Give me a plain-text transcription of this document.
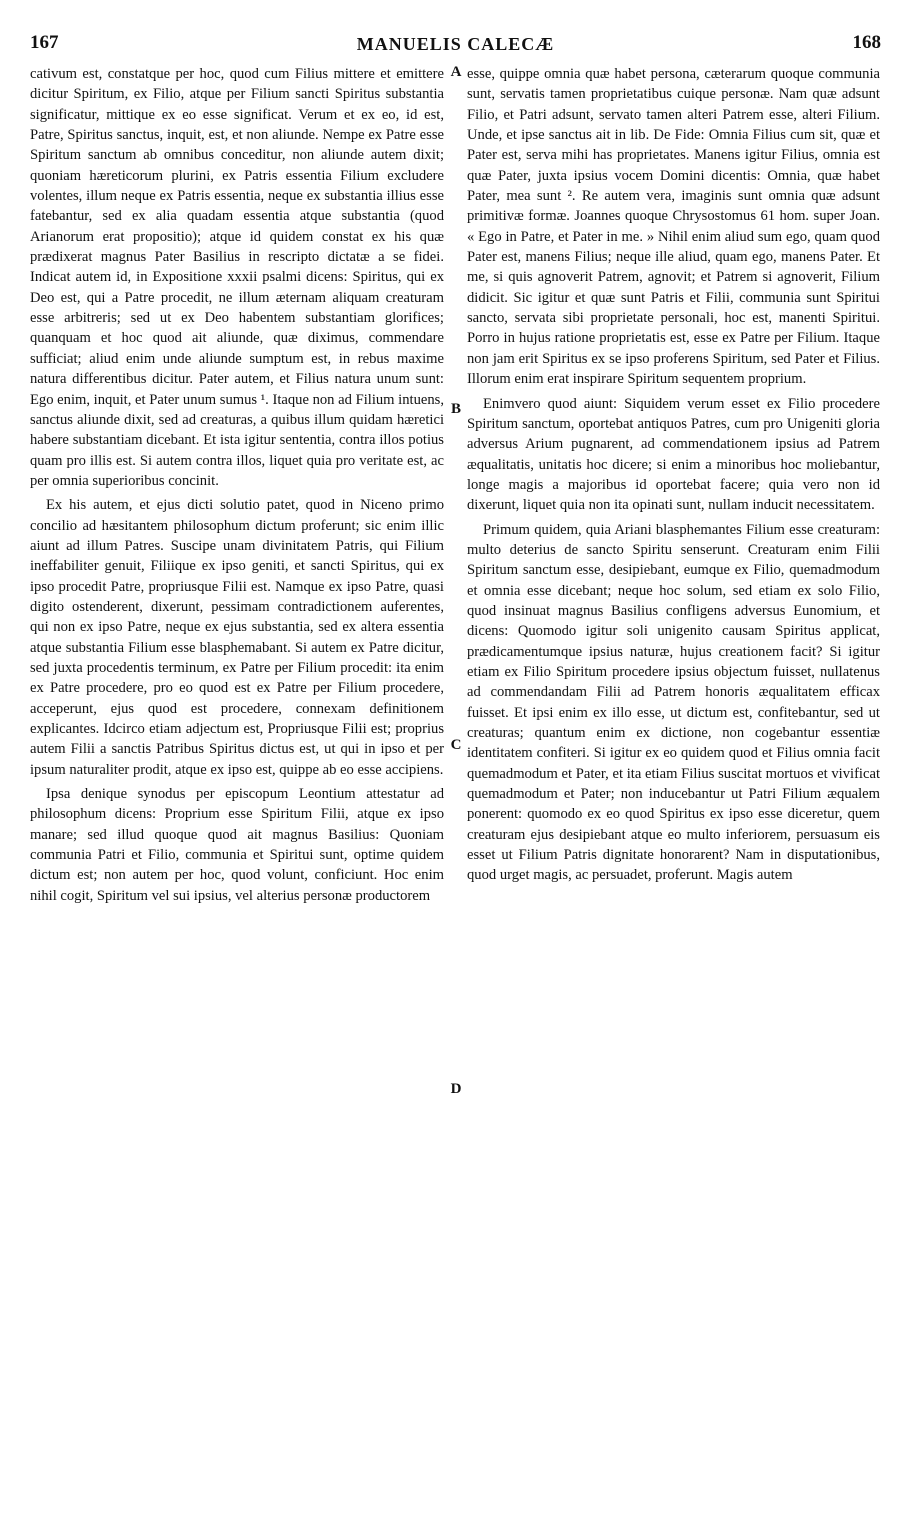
167	MANUELIS CALECÆ	168

cativum est, constatque per hoc, quod cum Filius mittere et emittere dicitur Spiritum, ex Filio, atque per Filium sancti Spiritus substantia significatur, mittique ex eo esse significat. Verum et ex eo, id est, Patre, Spiritus sanctus, inquit, est, et non aliunde. Nempe ex Patre esse Spiritum sanctum ab omnibus conceditur, non aliunde autem dixit; quoniam hæreticorum plurini, ex Patris essentia Filium excludere volentes, illum neque ex Patris essentia, neque ex substantia illius esse fatebantur, sed ex alia quadam essentia atque substantia (quod Arianorum erat propositio); atque id quidem constat ex his quæ prædixerat magnus Pater Basilius in rescripto dictatæ a se fidei. Indicat autem id, in Expositione xxxii psalmi dicens: Spiritus, qui ex Deo est, qui a Patre procedit, ne illum æternam aliquam creaturam esse arbitreris; sed ut ex Deo habentem substantiam glorifices; quanquam et hoc quod ait aliunde, quæ diximus, commendare sufficiat; aliud enim unde aliunde sumptum est, in rebus maxime natura differentibus dicitur. Pater autem, et Filius natura unum sunt: Ego enim, inquit, et Pater unum sumus ¹. Itaque non ad Filium intuens, sanctus aliunde dixit, sed ad creaturas, a quibus illum quidam hæretici habere substantiam dicebant. Et ista igitur sententia, contra illos potius quam pro illis est. Si autem contra illos, liquet quia pro veritate est, ac per omnia superioribus concinit.

Ex his autem, et ejus dicti solutio patet, quod in Niceno primo concilio ad hæsitantem philosophum dictum proferunt; sic enim illic aiunt ad illum Patres. Suscipe unam divinitatem Patris, qui Filium ineffabiliter genuit, Filiique ex ipso geniti, et sancti Spiritus, qui ex ipso procedit Patre, propriusque Filii est. Namque ex ipso Patre, quasi digito ostenderent, dixerunt, pessimam contradictionem auferentes, qui non ex ipso Patre, neque ex ejus substantia, sed ex altera essentia atque substantia Filium esse blasphemabant. Si autem ex Patre dicitur, sed juxta procedentis terminum, ex Patre per Filium procedit: ita enim ex Patre procedere, pro eo quod est ex Patre per Filium procedere, acceperunt, ejus quod est procedere, connexam definitionem explicantes. Idcirco etiam adjectum est, Propriusque Filii est; proprius autem Filii a sanctis Patribus Spiritus dictus est, ut qui in ipso et per ipsum naturaliter prodit, atque ex ipso est, quippe ab eo esse accipiens.

Ipsa denique synodus per episcopum Leontium attestatur ad philosophum dicens: Proprium esse Spiritum Filii, atque ex ipso manare; sed illud quoque quod ait magnus Basilius: Quoniam communia Patri et Filio, communia et Spiritui sunt, optime quidem dictum est; non autem per hoc, quod volunt, conficiunt. Hoc enim nihil cogit, Spiritum vel sui ipsius, vel alterius personæ productorem

A
B
C
D

esse, quippe omnia quæ habet persona, cæterarum quoque communia sunt, servatis tamen proprietatibus cuique personæ. Nam quæ adsunt Filio, et Patri adsunt, servato tamen alteri Patrem esse, alteri Filium. Unde, et ipse sanctus ait in lib. De Fide: Omnia Filius cum sit, quæ et Pater est, serva mihi has proprietates. Manens igitur Filius, omnia est quæ Pater, juxta ipsius vocem Domini dicentis: Omnia, quæ habet Pater, mea sunt ². Re autem vera, imaginis sunt omnia quæ adsunt primitivæ formæ. Joannes quoque Chrysostomus 61 hom. super Joan. « Ego in Patre, et Pater in me. » Nihil enim aliud sum ego, quam quod Pater est, manens Filius; neque ille aliud, quam ego, manens Pater. Et me, si quis agnoverit Patrem, agnovit; et Patrem si agnoverit, Filium didicit. Sic igitur et quæ sunt Patris et Filii, communia sunt Spiritui sancto, servata sibi proprietate personali, hoc est, manenti Spiritui. Porro in hujus ratione proprietatis est, esse ex Patre per Filium. Itaque non jam erit Spiritus ex se ipso proferens Spiritum, sed Pater et Filius. Illorum enim erat inspirare Spiritum sequentem proprium.

Enimvero quod aiunt: Siquidem verum esset ex Filio procedere Spiritum sanctum, oportebat antiquos Patres, cum pro Unigeniti gloria adversus Arium pugnarent, ad commendationem ipsius ad Patrem æqualitatis, unitatis hoc dicere; si enim a minoribus hoc moliebantur, longe magis a majoribus id oportebat facere; quia vero non id dixerunt, liquet quia non ita opinati sunt, nullam inducit necessitatem.

Primum quidem, quia Ariani blasphemantes Filium esse creaturam: multo deterius de sancto Spiritu senserunt. Creaturam enim Filii Spiritum sanctum esse, desipiebant, eumque ex Filio, quemadmodum et omnia esse dicebant; neque hoc solum, sed etiam ex solo Filio, quod insinuat magnus Basilius confligens adversus Eunomium, et dicens: Quomodo igitur soli unigenito causam Spiritus applicat, prædicamentumque ipsius naturæ, hujus creationem facit? Si igitur etiam ex Filio Spiritum procedere ipsius objectum fuisset, nullatenus ad commendandam Filii ad Patrem honoris æqualitatem efficax fuisset. Et ipsi enim ex illo esse, ut dictum est, confitebantur, sed ut creaturas; quantum enim ex dictione, non cogebantur essentiæ identitatem confiteri. Si igitur ex eo quidem quod et Filius omnia facit quemadmodum et Pater, et ita etiam Filius suscitat mortuos et vivificat quemadmodum et Pater; non inducebantur ut Patri Filium æqualem ponerent: quomodo ex eo quod Spiritus ex ipso esse diceretur, quem creaturam ejus desipiebant atque eo multo inferiorem, persuasum eis esset ut Filium Patris dignitate honorarent? Nam in disputationibus, quod urget magis, ac persuadet, proferunt. Magis autem
